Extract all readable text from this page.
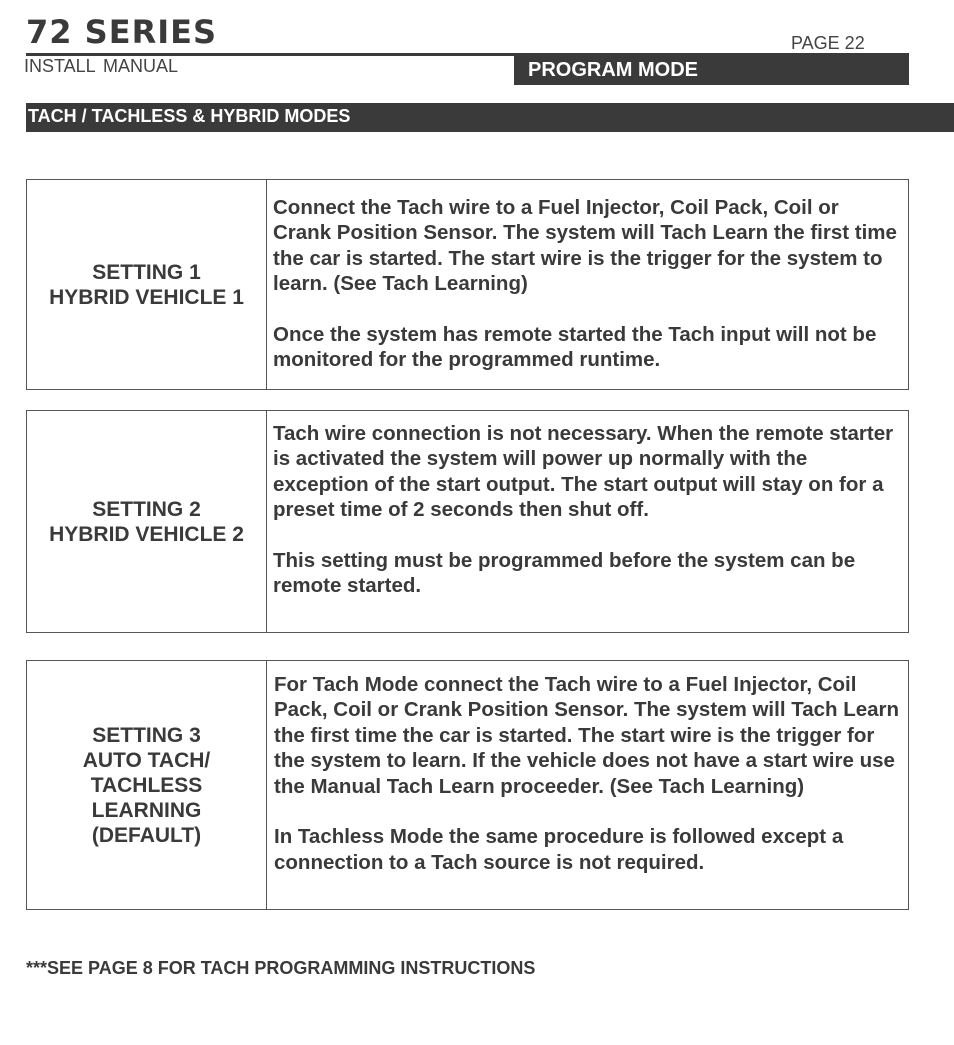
72 SERIES	PAGE 22
INSTALL MANUAL	PROGRAM MODE
TACH / TACHLESS & HYBRID MODES
SETTING 1
HYBRID VEHICLE 1

Connect the Tach wire to a Fuel Injector, Coil Pack, Coil or Crank Position Sensor. The system will Tach Learn the first time the car is started. The start wire is the trigger for the system to learn. (See Tach Learning)

Once the system has remote started the Tach input will not be monitored for the programmed runtime.

SETTING 2
HYBRID VEHICLE 2

Tach wire connection is not necessary. When the remote starter is activated the system will power up normally with the exception of the start output. The start output will stay on for a preset time of 2 seconds then shut off.

This setting must be programmed before the system can be remote started.

SETTING 3
AUTO TACH/
TACHLESS
LEARNING
(DEFAULT)

For Tach Mode connect the Tach wire to a Fuel Injector, Coil Pack, Coil or Crank Position Sensor. The system will Tach Learn the first time the car is started. The start wire is the trigger for the system to learn. If the vehicle does not have a start wire use the Manual Tach Learn proceeder. (See Tach Learning)

In Tachless Mode the same procedure is followed except a connection to a Tach source is not required.

***SEE PAGE 8 FOR TACH PROGRAMMING INSTRUCTIONS
